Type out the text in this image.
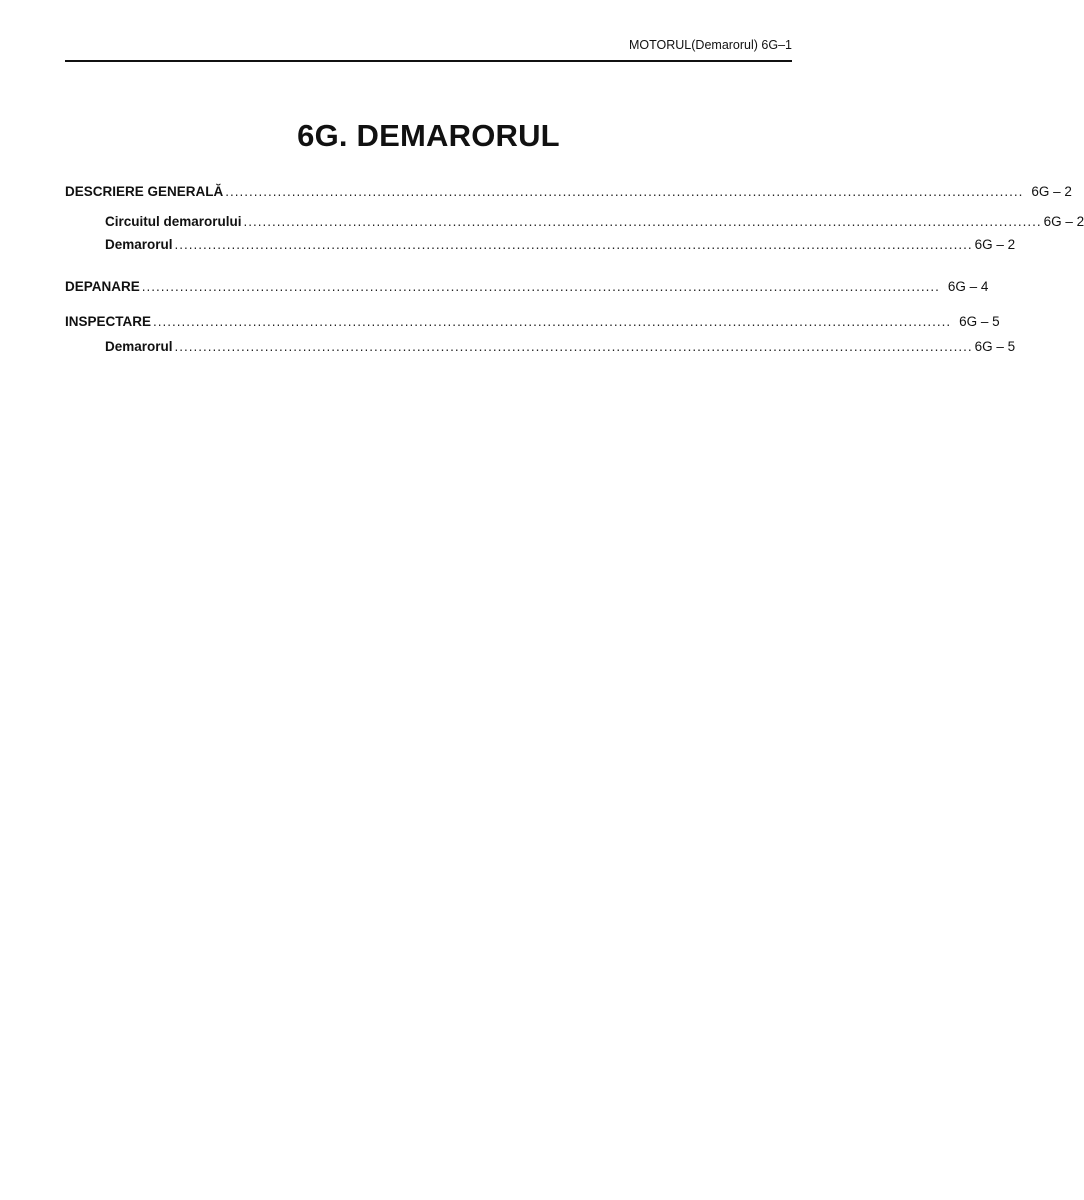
MOTORUL(Demarorul) 6G–1
6G. DEMARORUL
DESCRIERE GENERALĂ ........................................................................................................................................................................ 6G – 2
Circuitul demarorului ........................................................................................................................................................................ 6G – 2
Demarorul ........................................................................................................................................................................ 6G – 2
DEPANARE ........................................................................................................................................................................ 6G – 4
INSPECTARE ........................................................................................................................................................................ 6G – 5
Demarorul ........................................................................................................................................................................ 6G – 5
